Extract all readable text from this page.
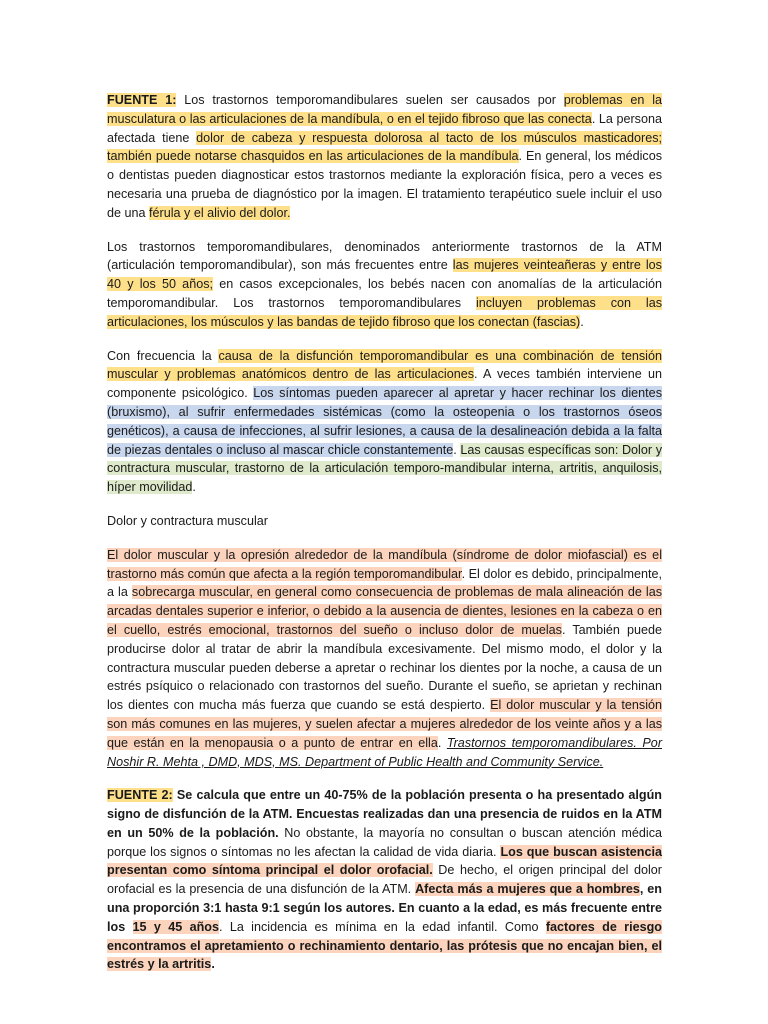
FUENTE 1: Los trastornos temporomandibulares suelen ser causados por problemas en la musculatura o las articulaciones de la mandíbula, o en el tejido fibroso que las conecta. La persona afectada tiene dolor de cabeza y respuesta dolorosa al tacto de los músculos masticadores; también puede notarse chasquidos en las articulaciones de la mandíbula. En general, los médicos o dentistas pueden diagnosticar estos trastornos mediante la exploración física, pero a veces es necesaria una prueba de diagnóstico por la imagen. El tratamiento terapéutico suele incluir el uso de una férula y el alivio del dolor.

Los trastornos temporomandibulares, denominados anteriormente trastornos de la ATM (articulación temporomandibular), son más frecuentes entre las mujeres veinteañeras y entre los 40 y los 50 años; en casos excepcionales, los bebés nacen con anomalías de la articulación temporomandibular. Los trastornos temporomandibulares incluyen problemas con las articulaciones, los músculos y las bandas de tejido fibroso que los conectan (fascias).

Con frecuencia la causa de la disfunción temporomandibular es una combinación de tensión muscular y problemas anatómicos dentro de las articulaciones. A veces también interviene un componente psicológico. Los síntomas pueden aparecer al apretar y hacer rechinar los dientes (bruxismo), al sufrir enfermedades sistémicas (como la osteopenia o los trastornos óseos genéticos), a causa de infecciones, al sufrir lesiones, a causa de la desalineación debida a la falta de piezas dentales o incluso al mascar chicle constantemente. Las causas específicas son: Dolor y contractura muscular, trastorno de la articulación temporo-mandibular interna, artritis, anquilosis, híper movilidad.

Dolor y contractura muscular

El dolor muscular y la opresión alrededor de la mandíbula (síndrome de dolor miofascial) es el trastorno más común que afecta a la región temporomandibular. El dolor es debido, principalmente, a la sobrecarga muscular, en general como consecuencia de problemas de mala alineación de las arcadas dentales superior e inferior, o debido a la ausencia de dientes, lesiones en la cabeza o en el cuello, estrés emocional, trastornos del sueño o incluso dolor de muelas. También puede producirse dolor al tratar de abrir la mandíbula excesivamente. Del mismo modo, el dolor y la contractura muscular pueden deberse a apretar o rechinar los dientes por la noche, a causa de un estrés psíquico o relacionado con trastornos del sueño. Durante el sueño, se aprietan y rechinan los dientes con mucha más fuerza que cuando se está despierto. El dolor muscular y la tensión son más comunes en las mujeres, y suelen afectar a mujeres alrededor de los veinte años y a las que están en la menopausia o a punto de entrar en ella. Trastornos temporomandibulares. Por Noshir R. Mehta , DMD, MDS, MS. Department of Public Health and Community Service.

FUENTE 2: Se calcula que entre un 40-75% de la población presenta o ha presentado algún signo de disfunción de la ATM. Encuestas realizadas dan una presencia de ruidos en la ATM en un 50% de la población. No obstante, la mayoría no consultan o buscan atención médica porque los signos o síntomas no les afectan la calidad de vida diaria. Los que buscan asistencia presentan como síntoma principal el dolor orofacial. De hecho, el origen principal del dolor orofacial es la presencia de una disfunción de la ATM. Afecta más a mujeres que a hombres, en una proporción 3:1 hasta 9:1 según los autores. En cuanto a la edad, es más frecuente entre los 15 y 45 años. La incidencia es mínima en la edad infantil. Como factores de riesgo encontramos el apretamiento o rechinamiento dentario, las prótesis que no encajan bien, el estrés y la artritis.
